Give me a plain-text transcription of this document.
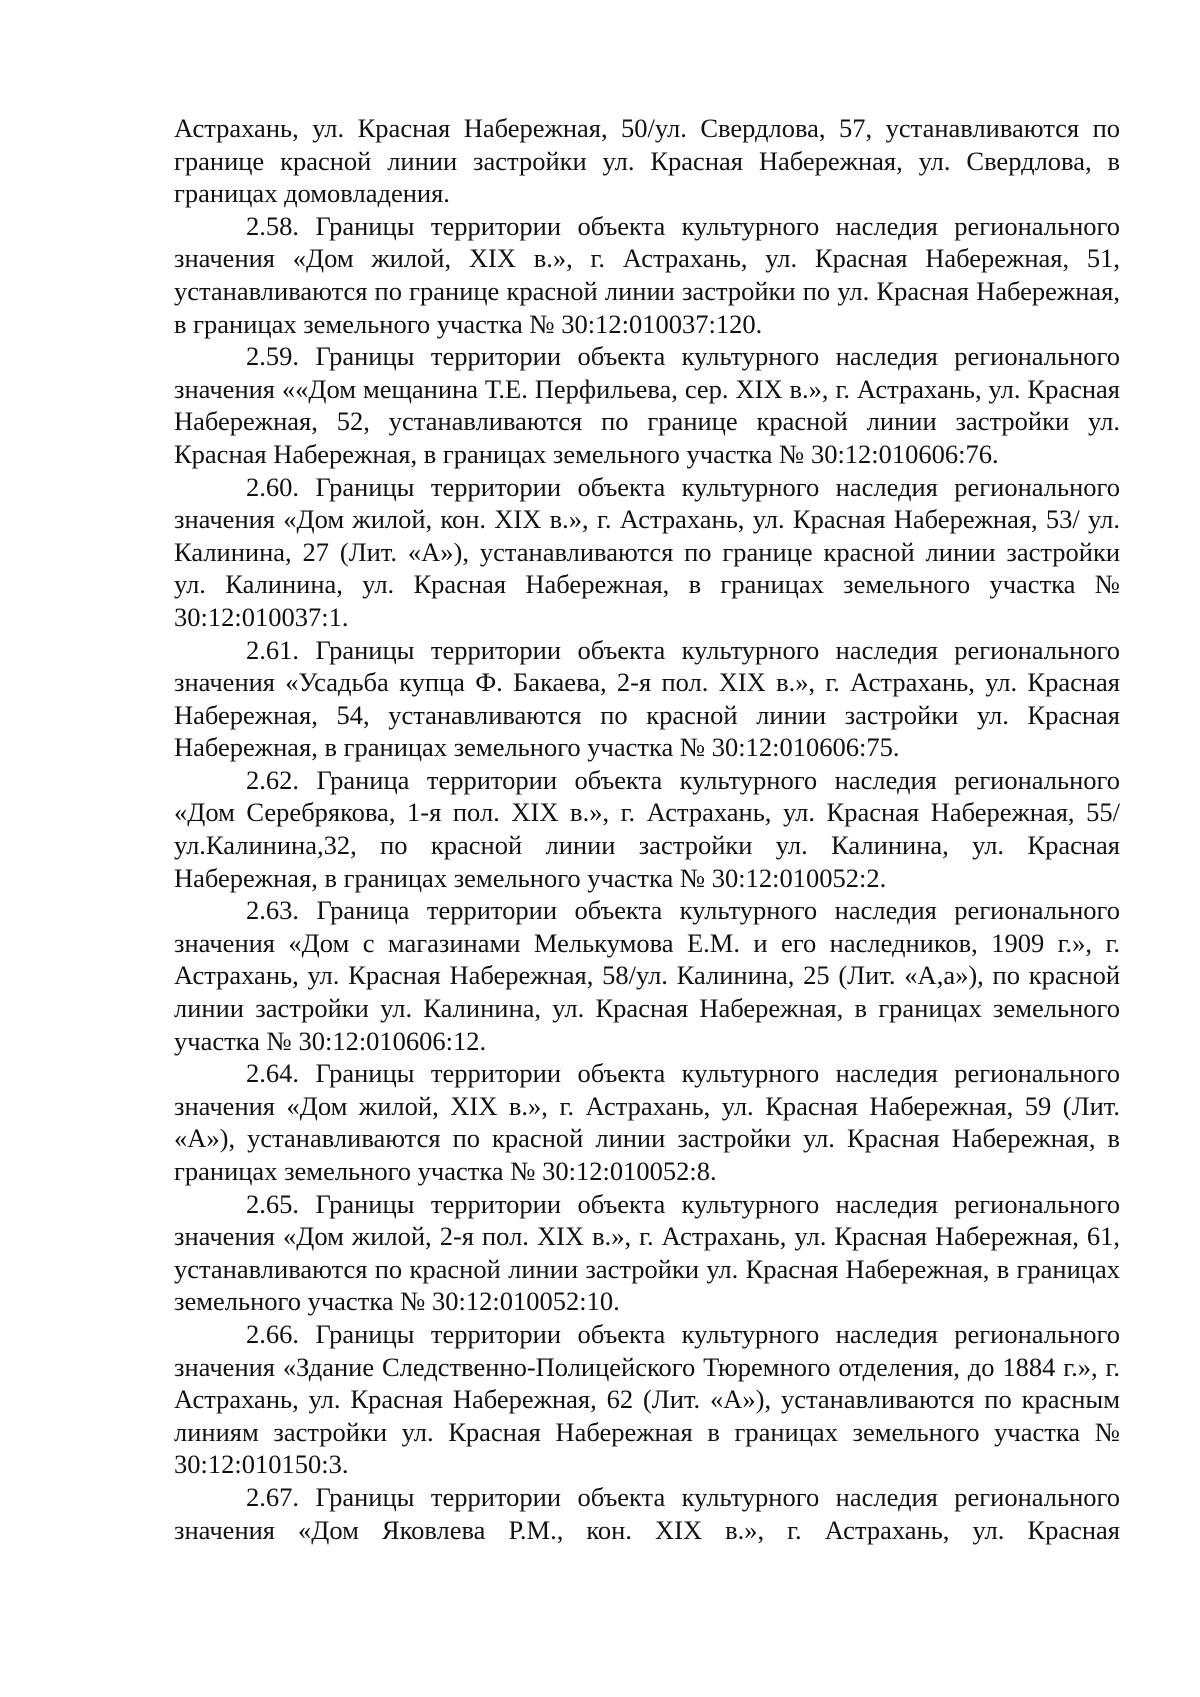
Астрахань, ул. Красная Набережная, 50/ул. Свердлова, 57, устанавливаются по границе красной линии застройки ул. Красная Набережная, ул. Свердлова, в границах домовладения.

2.58. Границы территории объекта культурного наследия регионального значения «Дом жилой, XIX в.», г. Астрахань, ул. Красная Набережная, 51, устанавливаются по границе красной линии застройки по ул. Красная Набережная, в границах земельного участка № 30:12:010037:120.

2.59. Границы территории объекта культурного наследия регионального значения ««Дом мещанина Т.Е. Перфильева, сер. XIX в.», г. Астрахань, ул. Красная Набережная, 52, устанавливаются по границе красной линии застройки ул. Красная Набережная, в границах земельного участка № 30:12:010606:76.

2.60. Границы территории объекта культурного наследия регионального значения «Дом жилой, кон. XIX в.», г. Астрахань, ул. Красная Набережная, 53/ ул. Калинина, 27 (Лит. «А»), устанавливаются по границе красной линии застройки ул. Калинина, ул. Красная Набережная, в границах земельного участка № 30:12:010037:1.

2.61. Границы территории объекта культурного наследия регионального значения «Усадьба купца Ф. Бакаева, 2-я пол. XIX в.», г. Астрахань, ул. Красная Набережная, 54, устанавливаются по красной линии застройки ул. Красная Набережная, в границах земельного участка № 30:12:010606:75.

2.62. Граница территории объекта культурного наследия регионального «Дом Серебрякова, 1-я пол. XIX в.», г. Астрахань, ул. Красная Набережная, 55/ул.Калинина,32, по красной линии застройки ул. Калинина, ул. Красная Набережная, в границах земельного участка № 30:12:010052:2.

2.63. Граница территории объекта культурного наследия регионального значения «Дом с магазинами Мелькумова Е.М. и его наследников, 1909 г.», г. Астрахань, ул. Красная Набережная, 58/ул. Калинина, 25 (Лит. «А,а»), по красной линии застройки ул. Калинина, ул. Красная Набережная, в границах земельного участка № 30:12:010606:12.

2.64. Границы территории объекта культурного наследия регионального значения «Дом жилой, XIX в.», г. Астрахань, ул. Красная Набережная, 59 (Лит. «А»), устанавливаются по красной линии застройки ул. Красная Набережная, в границах земельного участка № 30:12:010052:8.

2.65. Границы территории объекта культурного наследия регионального значения «Дом жилой, 2-я пол. XIX в.», г. Астрахань, ул. Красная Набережная, 61, устанавливаются по красной линии застройки ул. Красная Набережная, в границах земельного участка № 30:12:010052:10.

2.66. Границы территории объекта культурного наследия регионального значения «Здание Следственно-Полицейского Тюремного отделения, до 1884 г.», г. Астрахань, ул. Красная Набережная, 62 (Лит. «А»), устанавливаются по красным линиям застройки ул. Красная Набережная в границах земельного участка № 30:12:010150:3.

2.67. Границы территории объекта культурного наследия регионального значения «Дом Яковлева Р.М., кон. XIX в.», г. Астрахань, ул. Красная
